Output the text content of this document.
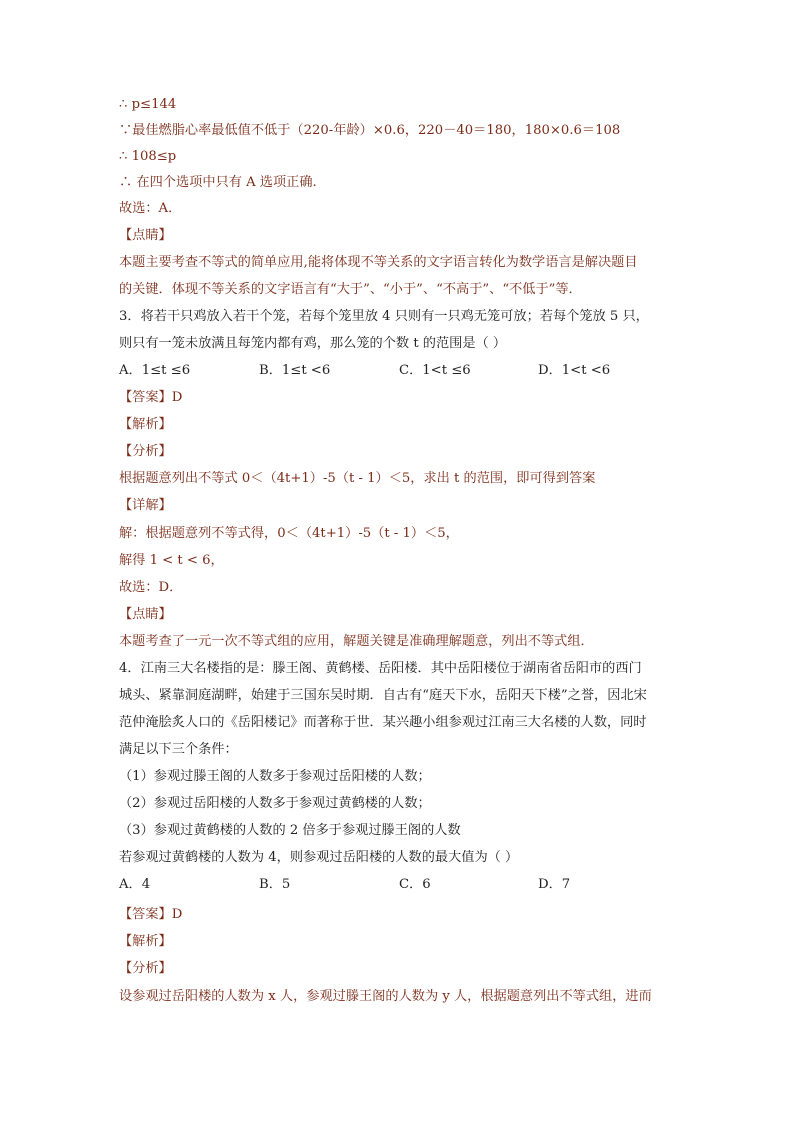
∴ p≤144
∵最佳燃脂心率最低值不低于（220-年龄）×0.6，220－40＝180，180×0.6＝108
∴ 108≤p
∴ 在四个选项中只有 A 选项正确.
故选：A．
【点睛】
本题主要考查不等式的简单应用,能将体现不等关系的文字语言转化为数学语言是解决题目
的关键．体现不等关系的文字语言有“大于”、“小于”、“不高于”、“不低于”等．
3．将若干只鸡放入若干个笼，若每个笼里放 4 只则有一只鸡无笼可放；若每个笼放 5 只，
则只有一笼未放满且每笼内都有鸡，那么笼的个数 t 的范围是（ ）
A．1≤t ≤6	B．1≤t <6	C．1<t ≤6	D．1<t <6
【答案】D
【解析】
【分析】
根据题意列出不等式 0＜（4t+1）-5（t - 1）＜5，求出 t 的范围，即可得到答案
【详解】
解：根据题意列不等式得，0＜（4t+1）-5（t - 1）＜5，
解得 1 < t < 6，
故选：D．
【点睛】
本题考查了一元一次不等式组的应用，解题关键是准确理解题意，列出不等式组．
4．江南三大名楼指的是：滕王阁、黄鹤楼、岳阳楼．其中岳阳楼位于湖南省岳阳市的西门
城头、紧靠洞庭湖畔，始建于三国东吴时期．自古有“庭天下水，岳阳天下楼”之誉，因北宋
范仲淹脍炙人口的《岳阳楼记》而著称于世．某兴趣小组参观过江南三大名楼的人数，同时
满足以下三个条件：
（1）参观过滕王阁的人数多于参观过岳阳楼的人数；
（2）参观过岳阳楼的人数多于参观过黄鹤楼的人数；
（3）参观过黄鹤楼的人数的 2 倍多于参观过滕王阁的人数
若参观过黄鹤楼的人数为 4，则参观过岳阳楼的人数的最大值为（ ）
A．4	B．5	C．6	D．7
【答案】D
【解析】
【分析】
设参观过岳阳楼的人数为 x 人，参观过滕王阁的人数为 y 人，根据题意列出不等式组，进而
